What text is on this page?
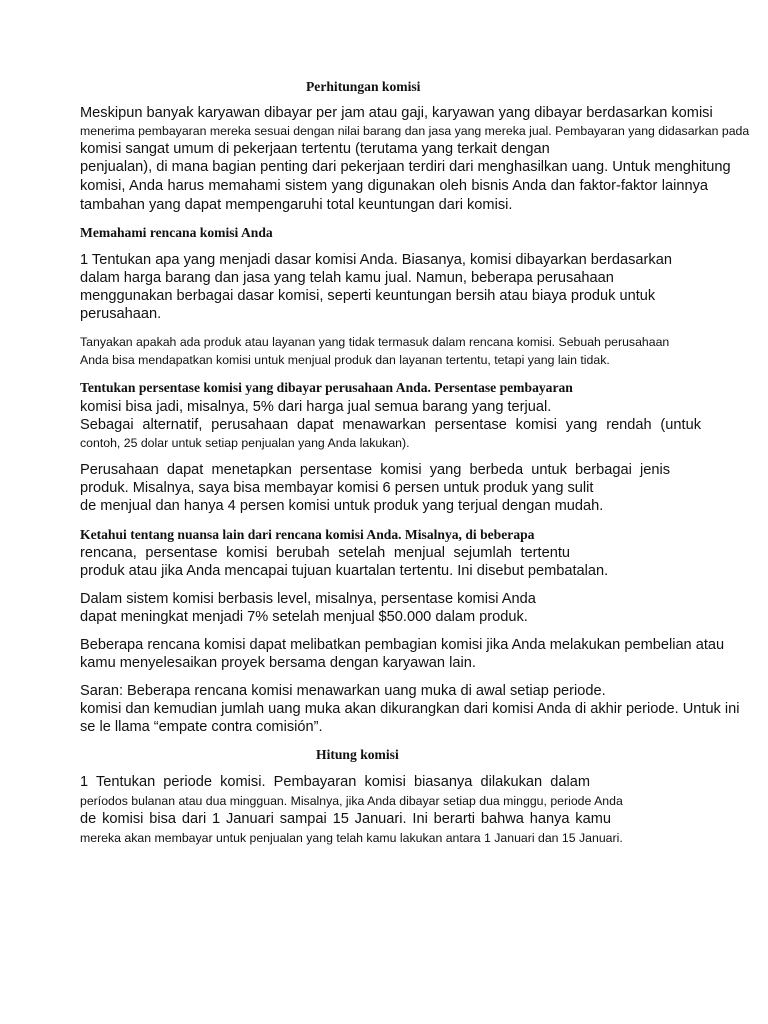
Perhitungan komisi
Meskipun banyak karyawan dibayar per jam atau gaji, karyawan yang dibayar berdasarkan komisi
menerima pembayaran mereka sesuai dengan nilai barang dan jasa yang mereka jual. Pembayaran yang didasarkan pada
komisi sangat umum di pekerjaan tertentu (terutama yang terkait dengan
penjualan), di mana bagian penting dari pekerjaan terdiri dari menghasilkan uang. Untuk menghitung
komisi, Anda harus memahami sistem yang digunakan oleh bisnis Anda dan faktor-faktor lainnya
tambahan yang dapat mempengaruhi total keuntungan dari komisi.
Memahami rencana komisi Anda
1 Tentukan apa yang menjadi dasar komisi Anda. Biasanya, komisi dibayarkan berdasarkan
dalam harga barang dan jasa yang telah kamu jual. Namun, beberapa perusahaan
menggunakan berbagai dasar komisi, seperti keuntungan bersih atau biaya produk untuk
perusahaan.
Tanyakan apakah ada produk atau layanan yang tidak termasuk dalam rencana komisi. Sebuah perusahaan
Anda bisa mendapatkan komisi untuk menjual produk dan layanan tertentu, tetapi yang lain tidak.
Tentukan persentase komisi yang dibayar perusahaan Anda. Persentase pembayaran
komisi bisa jadi, misalnya, 5% dari harga jual semua barang yang terjual.
Sebagai alternatif, perusahaan dapat menawarkan persentase komisi yang rendah (untuk
contoh, 25 dolar untuk setiap penjualan yang Anda lakukan).
Perusahaan dapat menetapkan persentase komisi yang berbeda untuk berbagai jenis
produk. Misalnya, saya bisa membayar komisi 6 persen untuk produk yang sulit
de menjual dan hanya 4 persen komisi untuk produk yang terjual dengan mudah.
Ketahui tentang nuansa lain dari rencana komisi Anda. Misalnya, di beberapa
rencana, persentase komisi berubah setelah menjual sejumlah tertentu
produk atau jika Anda mencapai tujuan kuartalan tertentu. Ini disebut pembatalan.
Dalam sistem komisi berbasis level, misalnya, persentase komisi Anda
dapat meningkat menjadi 7% setelah menjual $50.000 dalam produk.
Beberapa rencana komisi dapat melibatkan pembagian komisi jika Anda melakukan pembelian atau
kamu menyelesaikan proyek bersama dengan karyawan lain.
Saran: Beberapa rencana komisi menawarkan uang muka di awal setiap periode.
komisi dan kemudian jumlah uang muka akan dikurangkan dari komisi Anda di akhir periode. Untuk ini
se le llama “empate contra comisión”.
Hitung komisi
1 Tentukan periode komisi. Pembayaran komisi biasanya dilakukan dalam
períodos bulanan atau dua mingguan. Misalnya, jika Anda dibayar setiap dua minggu, periode Anda
de komisi bisa dari 1 Januari sampai 15 Januari. Ini berarti bahwa hanya kamu
mereka akan membayar untuk penjualan yang telah kamu lakukan antara 1 Januari dan 15 Januari.
